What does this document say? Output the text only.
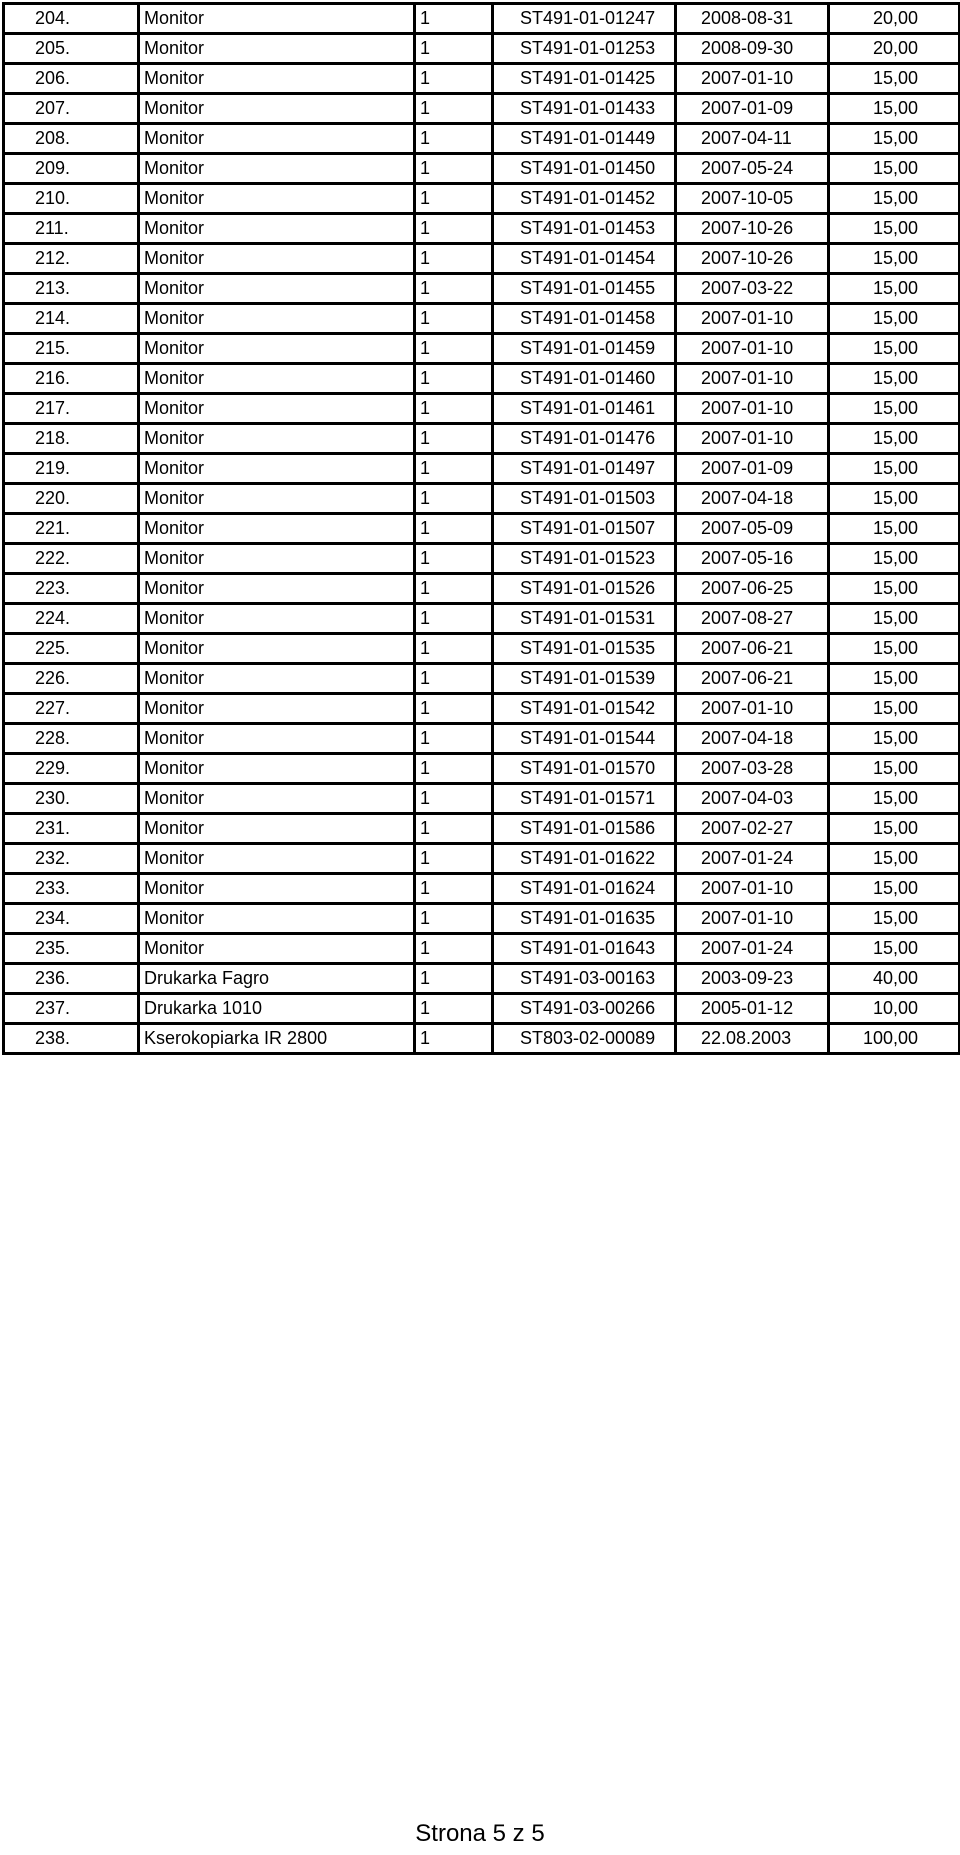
204.	Monitor	1	ST491-01-01247	2008-08-31	20,00
205.	Monitor	1	ST491-01-01253	2008-09-30	20,00
206.	Monitor	1	ST491-01-01425	2007-01-10	15,00
207.	Monitor	1	ST491-01-01433	2007-01-09	15,00
208.	Monitor	1	ST491-01-01449	2007-04-11	15,00
209.	Monitor	1	ST491-01-01450	2007-05-24	15,00
210.	Monitor	1	ST491-01-01452	2007-10-05	15,00
211.	Monitor	1	ST491-01-01453	2007-10-26	15,00
212.	Monitor	1	ST491-01-01454	2007-10-26	15,00
213.	Monitor	1	ST491-01-01455	2007-03-22	15,00
214.	Monitor	1	ST491-01-01458	2007-01-10	15,00
215.	Monitor	1	ST491-01-01459	2007-01-10	15,00
216.	Monitor	1	ST491-01-01460	2007-01-10	15,00
217.	Monitor	1	ST491-01-01461	2007-01-10	15,00
218.	Monitor	1	ST491-01-01476	2007-01-10	15,00
219.	Monitor	1	ST491-01-01497	2007-01-09	15,00
220.	Monitor	1	ST491-01-01503	2007-04-18	15,00
221.	Monitor	1	ST491-01-01507	2007-05-09	15,00
222.	Monitor	1	ST491-01-01523	2007-05-16	15,00
223.	Monitor	1	ST491-01-01526	2007-06-25	15,00
224.	Monitor	1	ST491-01-01531	2007-08-27	15,00
225.	Monitor	1	ST491-01-01535	2007-06-21	15,00
226.	Monitor	1	ST491-01-01539	2007-06-21	15,00
227.	Monitor	1	ST491-01-01542	2007-01-10	15,00
228.	Monitor	1	ST491-01-01544	2007-04-18	15,00
229.	Monitor	1	ST491-01-01570	2007-03-28	15,00
230.	Monitor	1	ST491-01-01571	2007-04-03	15,00
231.	Monitor	1	ST491-01-01586	2007-02-27	15,00
232.	Monitor	1	ST491-01-01622	2007-01-24	15,00
233.	Monitor	1	ST491-01-01624	2007-01-10	15,00
234.	Monitor	1	ST491-01-01635	2007-01-10	15,00
235.	Monitor	1	ST491-01-01643	2007-01-24	15,00
236.	Drukarka Fagro	1	ST491-03-00163	2003-09-23	40,00
237.	Drukarka 1010	1	ST491-03-00266	2005-01-12	10,00
238.	Kserokopiarka IR 2800	1	ST803-02-00089	22.08.2003	100,00
Strona 5 z 5
